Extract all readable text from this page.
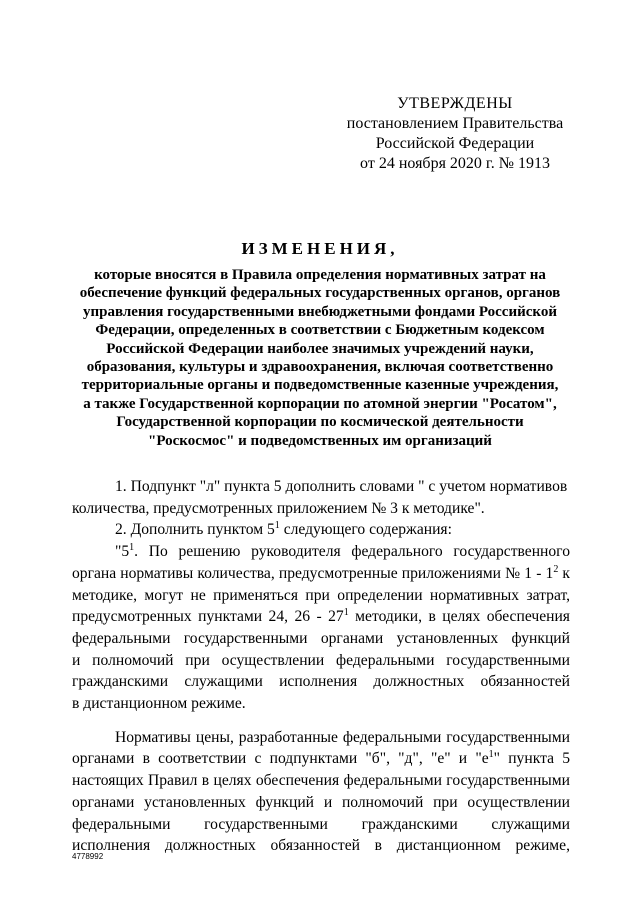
УТВЕРЖДЕНЫ
постановлением Правительства
Российской Федерации
от 24 ноября 2020 г. № 1913
ИЗМЕНЕНИЯ,
которые вносятся в Правила определения нормативных затрат на
обеспечение функций федеральных государственных органов, органов
управления государственными внебюджетными фондами Российской
Федерации, определенных в соответствии с Бюджетным кодексом
Российской Федерации наиболее значимых учреждений науки,
образования, культуры и здравоохранения, включая соответственно
территориальные органы и подведомственные казенные учреждения,
а также Государственной корпорации по атомной энергии "Росатом",
Государственной корпорации по космической деятельности
"Роскосмос" и подведомственных им организаций
1. Подпункт "л" пункта 5 дополнить словами " с учетом нормативов
количества, предусмотренных приложением № 3 к методике".
2. Дополнить пунктом $5^1$ следующего содержания:
"$5^1$. По решению руководителя федерального государственного
органа нормативы количества, предусмотренные приложениями № $1 - 1^2$ к
методике, могут не применяться при определении нормативных затрат,
предусмотренных пунктами 24, $26 - 27^1$ методики, в целях обеспечения
федеральными государственными органами установленных функций
и полномочий при осуществлении федеральными государственными
гражданскими служащими исполнения должностных обязанностей
в дистанционном режиме.
Нормативы цены, разработанные федеральными государственными
органами в соответствии с подпунктами "б", "д", "е" и "$е^1$" пункта 5
настоящих Правил в целях обеспечения федеральными государственными
органами установленных функций и полномочий при осуществлении
федеральными государственными гражданскими служащими
исполнения должностных обязанностей в дистанционном режиме,
4778992
